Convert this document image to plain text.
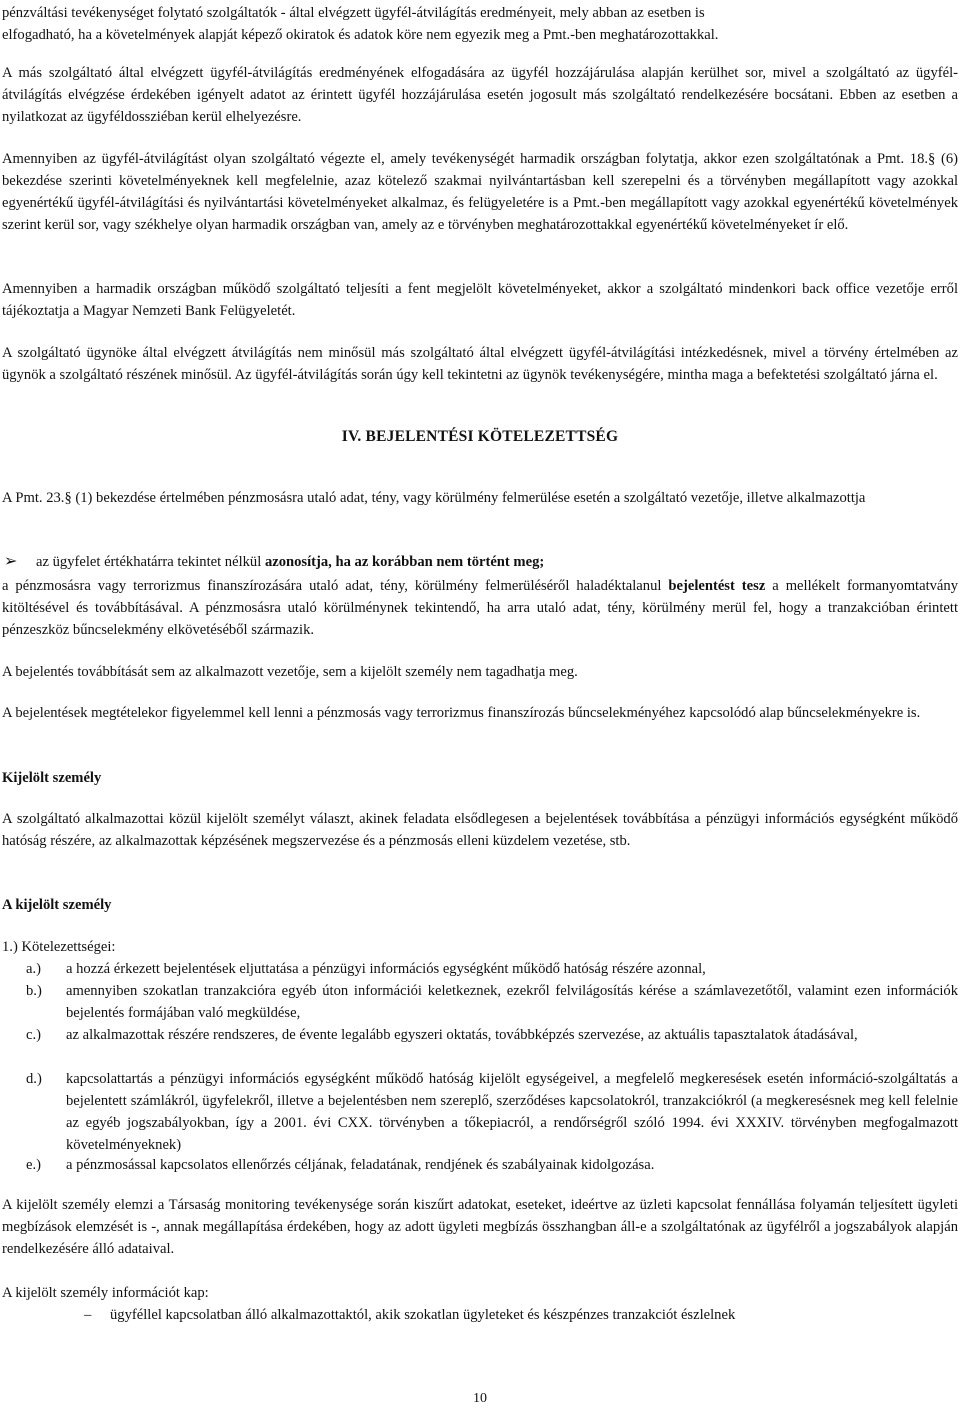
pénzváltási tevékenységet folytató szolgáltatók - által elvégzett ügyfél-átvilágítás eredményeit, mely abban az esetben is

elfogadható, ha a követelmények alapját képező okiratok és adatok köre nem egyezik meg a Pmt.-ben meghatározottakkal.

A más szolgáltató által elvégzett ügyfél-átvilágítás eredményének elfogadására az ügyfél hozzájárulása alapján kerülhet sor, mivel a szolgáltató az ügyfél-átvilágítás elvégzése érdekében igényelt adatot az érintett ügyfél hozzájárulása esetén jogosult más szolgáltató rendelkezésére bocsátani. Ebben az esetben a nyilatkozat az ügyféldossziéban kerül elhelyezésre.

Amennyiben az ügyfél-átvilágítást olyan szolgáltató végezte el, amely tevékenységét harmadik országban folytatja, akkor ezen szolgáltatónak a Pmt. 18.§ (6) bekezdése szerinti követelményeknek kell megfelelnie, azaz kötelező szakmai nyilvántartásban kell szerepelni és a törvényben megállapított vagy azokkal egyenértékű ügyfél-átvilágítási és nyilvántartási követelményeket alkalmaz, és felügyeletére is a Pmt.-ben megállapított vagy azokkal egyenértékű követelmények szerint kerül sor, vagy székhelye olyan harmadik országban van, amely az e törvényben meghatározottakkal egyenértékű követelményeket ír elő.

Amennyiben a harmadik országban működő szolgáltató teljesíti a fent megjelölt követelményeket, akkor a szolgáltató mindenkori back office vezetője erről tájékoztatja a Magyar Nemzeti Bank Felügyeletét.

A szolgáltató ügynöke által elvégzett átvilágítás nem minősül más szolgáltató által elvégzett ügyfél-átvilágítási intézkedésnek, mivel a törvény értelmében az ügynök a szolgáltató részének minősül. Az ügyfél-átvilágítás során úgy kell tekintetni az ügynök tevékenységére, mintha maga a befektetési szolgáltató járna el.

IV. BEJELENTÉSI KÖTELEZETTSÉG

A Pmt. 23.§ (1) bekezdése értelmében pénzmosásra utaló adat, tény, vagy körülmény felmerülése esetén a szolgáltató vezetője, illetve alkalmazottja

➢	az ügyfelet értékhatárra tekintet nélkül azonosítja, ha az korábban nem történt meg;

a pénzmosásra vagy terrorizmus finanszírozására utaló adat, tény, körülmény felmerüléséről haladéktalanul bejelentést tesz a mellékelt formanyomtatvány kitöltésével és továbbításával. A pénzmosásra utaló körülménynek tekintendő, ha arra utaló adat, tény, körülmény merül fel, hogy a tranzakcióban érintett pénzeszköz bűncselekmény elkövetéséből származik.

A bejelentés továbbítását sem az alkalmazott vezetője, sem a kijelölt személy nem tagadhatja meg.

A bejelentések megtételekor figyelemmel kell lenni a pénzmosás vagy terrorizmus finanszírozás bűncselekményéhez kapcsolódó alap bűncselekményekre is.

Kijelölt személy

A szolgáltató alkalmazottai közül kijelölt személyt választ, akinek feladata elsődlegesen a bejelentések továbbítása a pénzügyi információs egységként működő hatóság részére, az alkalmazottak képzésének megszervezése és a pénzmosás elleni küzdelem vezetése, stb.

A kijelölt személy

1.) Kötelezettségei:

a.)	a hozzá érkezett bejelentések eljuttatása a pénzügyi információs egységként működő hatóság részére azonnal,
b.)	amennyiben szokatlan tranzakcióra egyéb úton információi keletkeznek, ezekről felvilágosítás kérése a számlavezetőtől, valamint ezen információk bejelentés formájában való megküldése,
c.)	az alkalmazottak részére rendszeres, de évente legalább egyszeri oktatás, továbbképzés szervezése, az aktuális tapasztalatok átadásával,
d.)	kapcsolattartás a pénzügyi információs egységként működő hatóság kijelölt egységeivel, a megfelelő megkeresések esetén információ-szolgáltatás a bejelentett számlákról, ügyfelekről, illetve a bejelentésben nem szereplő, szerződéses kapcsolatokról, tranzakciókról (a megkeresésnek meg kell felelnie az egyéb jogszabályokban, így a 2001. évi CXX. törvényben a tőkepiacról, a rendőrségről szóló 1994. évi XXXIV. törvényben megfogalmazott követelményeknek)
e.)	a pénzmosással kapcsolatos ellenőrzés céljának, feladatának, rendjének és szabályainak kidolgozása.

A kijelölt személy elemzi a Társaság monitoring tevékenysége során kiszűrt adatokat, eseteket, ideértve az üzleti kapcsolat fennállása folyamán teljesített ügyleti megbízások elemzését is -, annak megállapítása érdekében, hogy az adott ügyleti megbízás összhangban áll-e a szolgáltatónak az ügyfélről a jogszabályok alapján rendelkezésére álló adataival.

A kijelölt személy információt kap:

–	ügyféllel kapcsolatban álló alkalmazottaktól, akik szokatlan ügyleteket és készpénzes tranzakciót észlelnek
10
